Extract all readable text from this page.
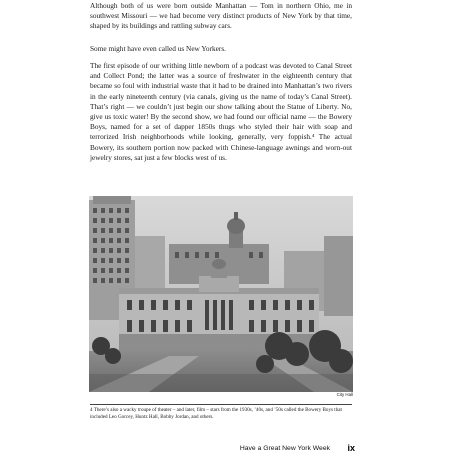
Although both of us were born outside Manhattan — Tom in northern Ohio, me in southwest Missouri — we had become very distinct products of New York by that time, shaped by its buildings and rattling subway cars.

Some might have even called us New Yorkers.

The first episode of our writhing little newborn of a podcast was devoted to Canal Street and Collect Pond; the latter was a source of freshwater in the eighteenth century that became so foul with industrial waste that it had to be drained into Manhattan’s two rivers in the early nineteenth century (via canals, giving us the name of today’s Canal Street). That’s right — we couldn’t just begin our show talking about the Statue of Liberty. No, give us toxic water! By the second show, we had found our official name — the Bowery Boys, named for a set of dapper 1850s thugs who styled their hair with soap and terrorized Irish neighborhoods while looking, generally, very foppish.⁴ The actual Bowery, its southern portion now packed with Chinese-language awnings and worn-out jewelry stores, sat just a few blocks west of us.

City Hall

4 There’s also a wacky troupe of theater – and later, film – stars from the 1930s, ’40s, and ’50s called the Bowery Boys that included Leo Gorcey, Huntz Hall, Bobby Jordan, and others.

Have a Great New York Week	ix
